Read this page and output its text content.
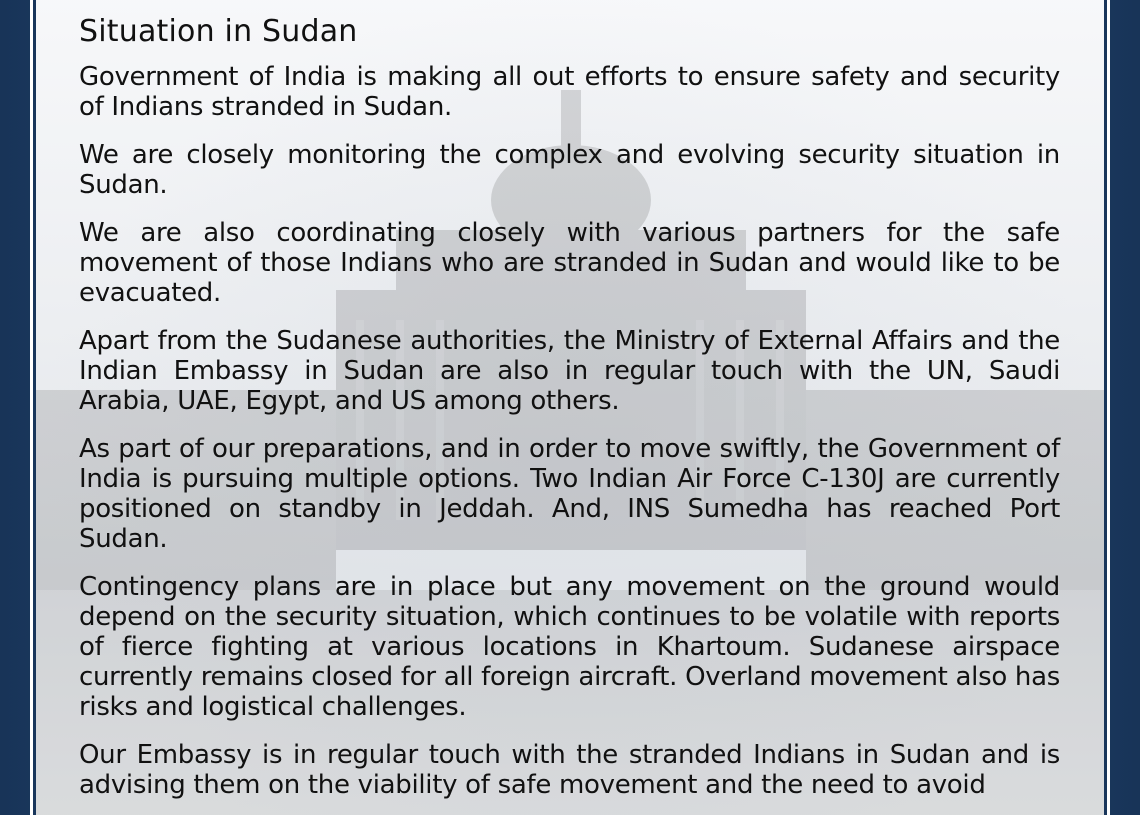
Situation in Sudan

Government of India is making all out efforts to ensure safety and security of Indians stranded in Sudan.

We are closely monitoring the complex and evolving security situation in Sudan.

We are also coordinating closely with various partners for the safe movement of those Indians who are stranded in Sudan and would like to be evacuated.

Apart from the Sudanese authorities, the Ministry of External Affairs and the Indian Embassy in Sudan are also in regular touch with the UN, Saudi Arabia, UAE, Egypt, and US among others.

As part of our preparations, and in order to move swiftly, the Government of India is pursuing multiple options. Two Indian Air Force C-130J are currently positioned on standby in Jeddah. And, INS Sumedha has reached Port Sudan.

Contingency plans are in place but any movement on the ground would depend on the security situation, which continues to be volatile with reports of fierce fighting at various locations in Khartoum. Sudanese airspace currently remains closed for all foreign aircraft. Overland movement also has risks and logistical challenges.

Our Embassy is in regular touch with the stranded Indians in Sudan and is advising them on the viability of safe movement and the need to avoid
